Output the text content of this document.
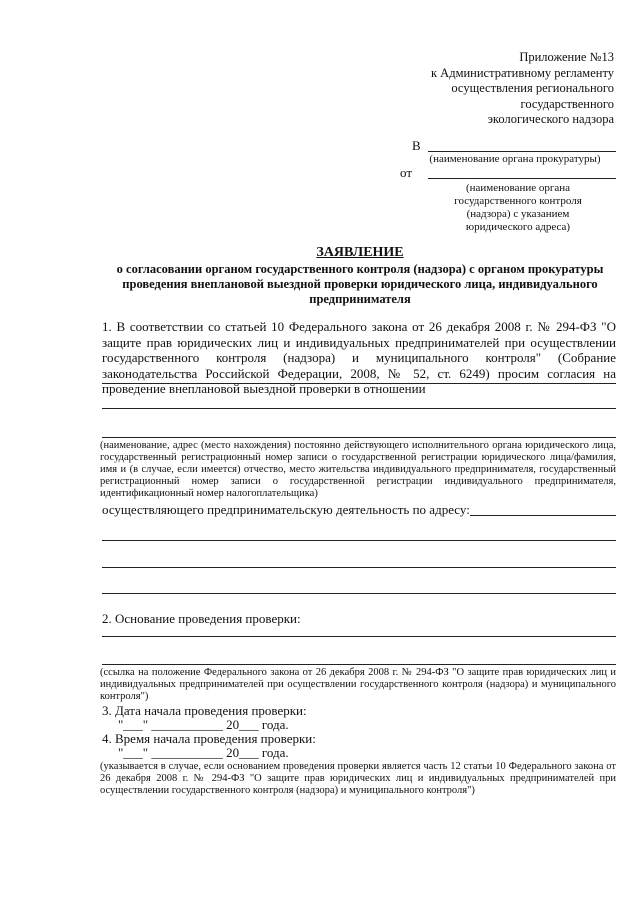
Приложение №13
к Административному регламенту
осуществления регионального
государственного
экологического надзора
В
(наименование органа прокуратуры)
от
(наименование органа
государственного контроля
(надзора) с указанием
юридического адреса)
ЗАЯВЛЕНИЕ
о согласовании органом государственного контроля (надзора) с органом прокуратуры
проведения внеплановой выездной проверки юридического лица, индивидуального
предпринимателя
1. В соответствии со статьей 10 Федерального закона от 26 декабря 2008 г. № 294-ФЗ "О защите прав юридических лиц и индивидуальных предпринимателей при осуществлении государственного контроля (надзора) и муниципального контроля" (Собрание законодательства Российской Федерации, 2008, № 52, ст. 6249) просим согласия на проведение внеплановой выездной проверки в отношении
(наименование, адрес (место нахождения) постоянно действующего исполнительного органа юридического лица, государственный регистрационный номер записи о государственной регистрации юридического лица/фамилия, имя и (в случае, если имеется) отчество, место жительства индивидуального предпринимателя, государственный регистрационный номер записи о государственной регистрации индивидуального предпринимателя, идентификационный номер налогоплательщика)
осуществляющего предпринимательскую деятельность по адресу:
2. Основание проведения проверки:
(ссылка на положение Федерального закона от 26 декабря 2008 г. № 294-ФЗ "О защите прав юридических лиц и индивидуальных предпринимателей при осуществлении государственного контроля (надзора) и муниципального контроля")
3. Дата начала проведения проверки:
"___" ___________ 20___ года.
4. Время начала проведения проверки:
"___" ___________ 20___ года.
(указывается в случае, если основанием проведения проверки является часть 12 статьи 10 Федерального закона от 26 декабря 2008 г. № 294-ФЗ "О защите прав юридических лиц и индивидуальных предпринимателей при осуществлении государственного контроля (надзора) и муниципального контроля")
